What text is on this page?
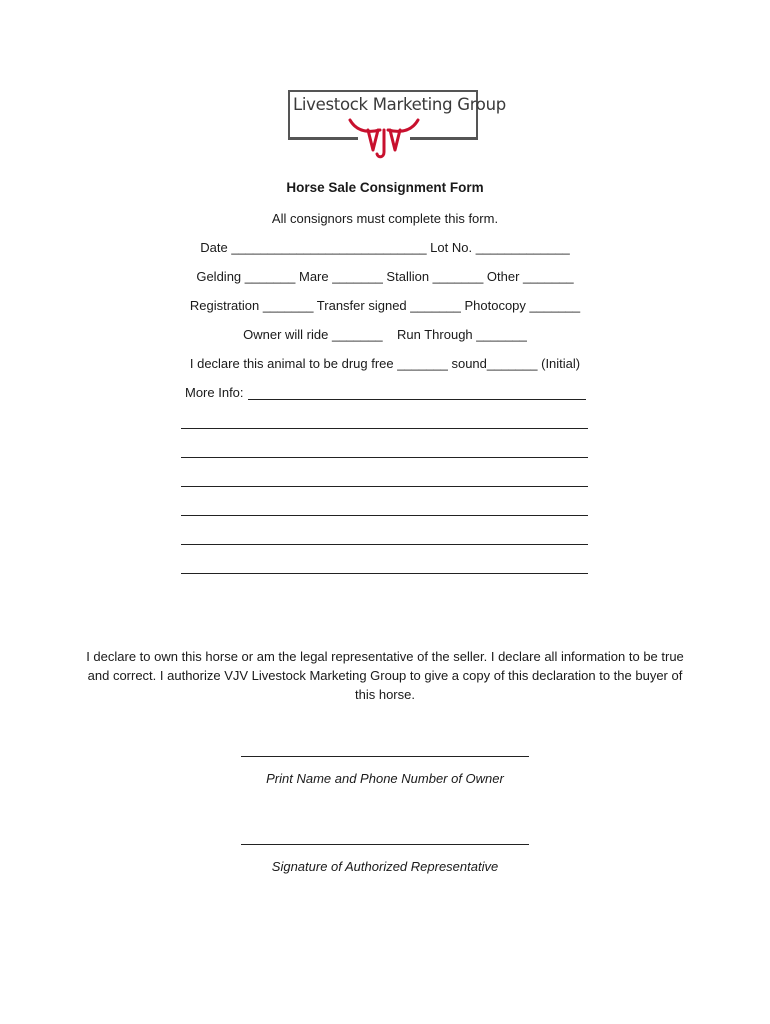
Livestock Marketing Group
Horse Sale Consignment Form
All consignors must complete this form.
Date ___________________________ Lot No. _____________
Gelding _______ Mare _______ Stallion _______ Other _______
Registration _______ Transfer signed _______ Photocopy _______
Owner will ride _______    Run Through _______
I declare this animal to be drug free _______ sound_______ (Initial)
More Info:
I declare to own this horse or am the legal representative of the seller. I declare all information to be true and correct. I authorize VJV Livestock Marketing Group to give a copy of this declaration to the buyer of this horse.
Print Name and Phone Number of Owner
Signature of Authorized Representative
